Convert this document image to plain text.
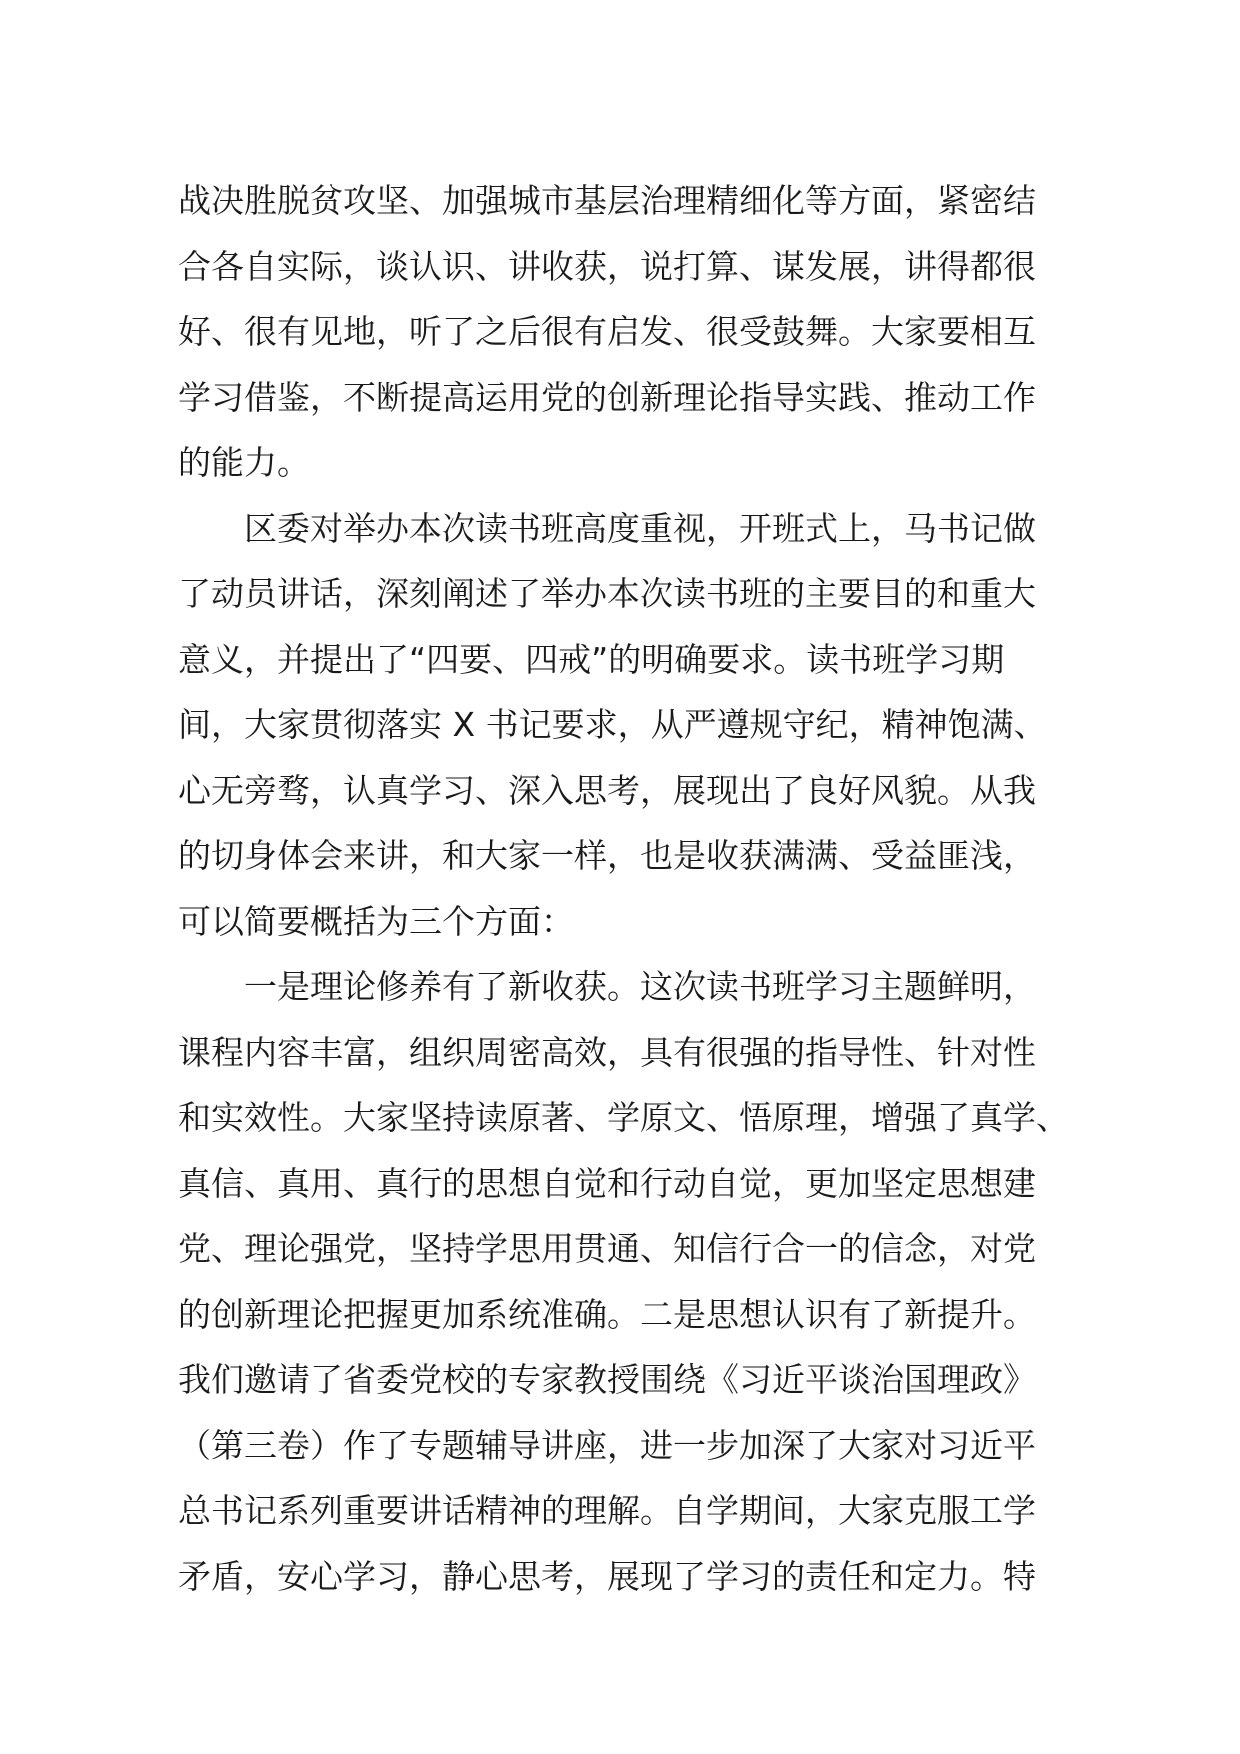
战决胜脱贫攻坚、加强城市基层治理精细化等方面，紧密结
合各自实际，谈认识、讲收获，说打算、谋发展，讲得都很
好、很有见地，听了之后很有启发、很受鼓舞。大家要相互
学习借鉴，不断提高运用党的创新理论指导实践、推动工作
的能力。
区委对举办本次读书班高度重视，开班式上，马书记做
了动员讲话，深刻阐述了举办本次读书班的主要目的和重大
意义，并提出了“四要、四戒”的明确要求。读书班学习期
间，大家贯彻落实 X 书记要求，从严遵规守纪，精神饱满、
心无旁骛，认真学习、深入思考，展现出了良好风貌。从我
的切身体会来讲，和大家一样，也是收获满满、受益匪浅，
可以简要概括为三个方面：
一是理论修养有了新收获。这次读书班学习主题鲜明，
课程内容丰富，组织周密高效，具有很强的指导性、针对性
和实效性。大家坚持读原著、学原文、悟原理，增强了真学、
真信、真用、真行的思想自觉和行动自觉，更加坚定思想建
党、理论强党，坚持学思用贯通、知信行合一的信念，对党
的创新理论把握更加系统准确。二是思想认识有了新提升。
我们邀请了省委党校的专家教授围绕《习近平谈治国理政》
（第三卷）作了专题辅导讲座，进一步加深了大家对习近平
总书记系列重要讲话精神的理解。自学期间，大家克服工学
矛盾，安心学习，静心思考，展现了学习的责任和定力。特
